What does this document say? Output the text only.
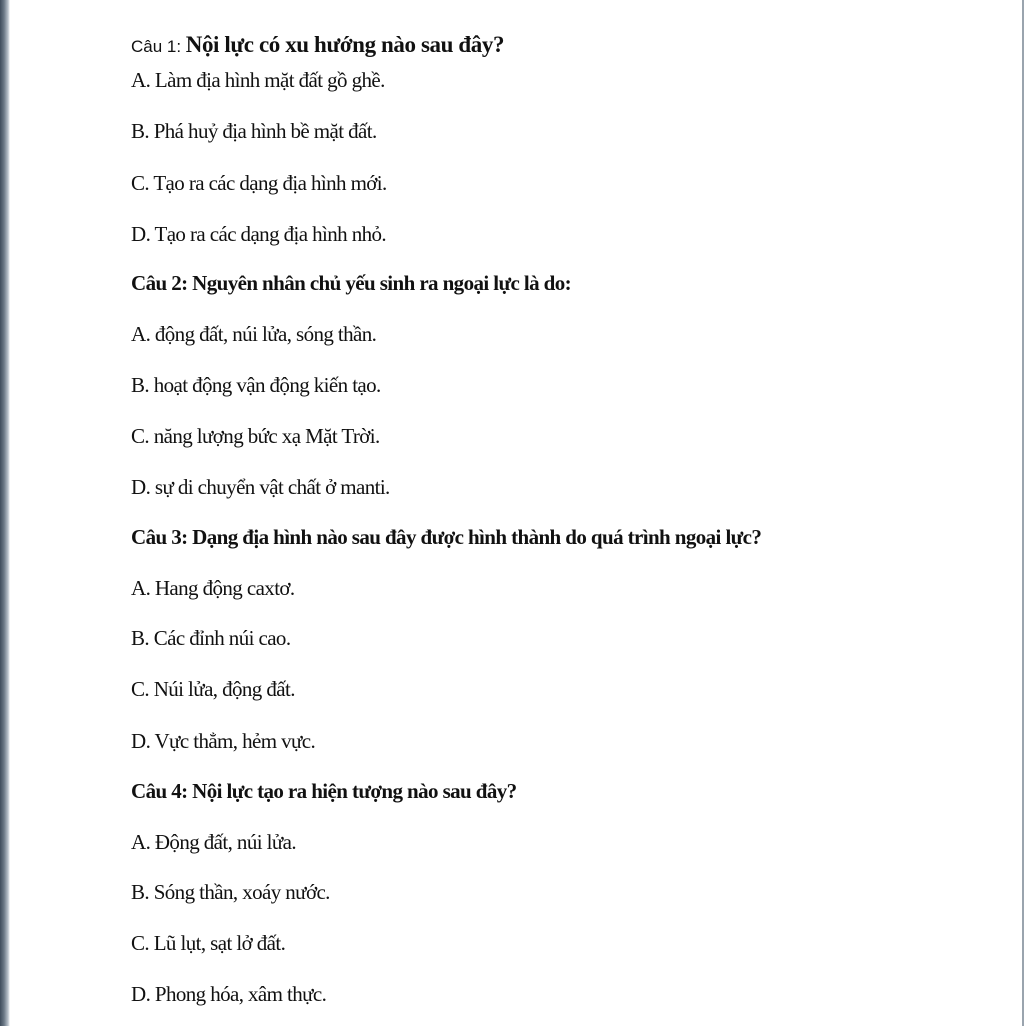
Câu 1: Nội lực có xu hướng nào sau đây?
A. Làm địa hình mặt đất gồ ghề.
B. Phá huỷ địa hình bề mặt đất.
C. Tạo ra các dạng địa hình mới.
D. Tạo ra các dạng địa hình nhỏ.
Câu 2: Nguyên nhân chủ yếu sinh ra ngoại lực là do:
A. động đất, núi lửa, sóng thần.
B. hoạt động vận động kiến tạo.
C. năng lượng bức xạ Mặt Trời.
D. sự di chuyển vật chất ở manti.
Câu 3: Dạng địa hình nào sau đây được hình thành do quá trình ngoại lực?
A. Hang động caxtơ.
B. Các đỉnh núi cao.
C. Núi lửa, động đất.
D. Vực thẳm, hẻm vực.
Câu 4: Nội lực tạo ra hiện tượng nào sau đây?
A. Động đất, núi lửa.
B. Sóng thần, xoáy nước.
C. Lũ lụt, sạt lở đất.
D. Phong hóa, xâm thực.
